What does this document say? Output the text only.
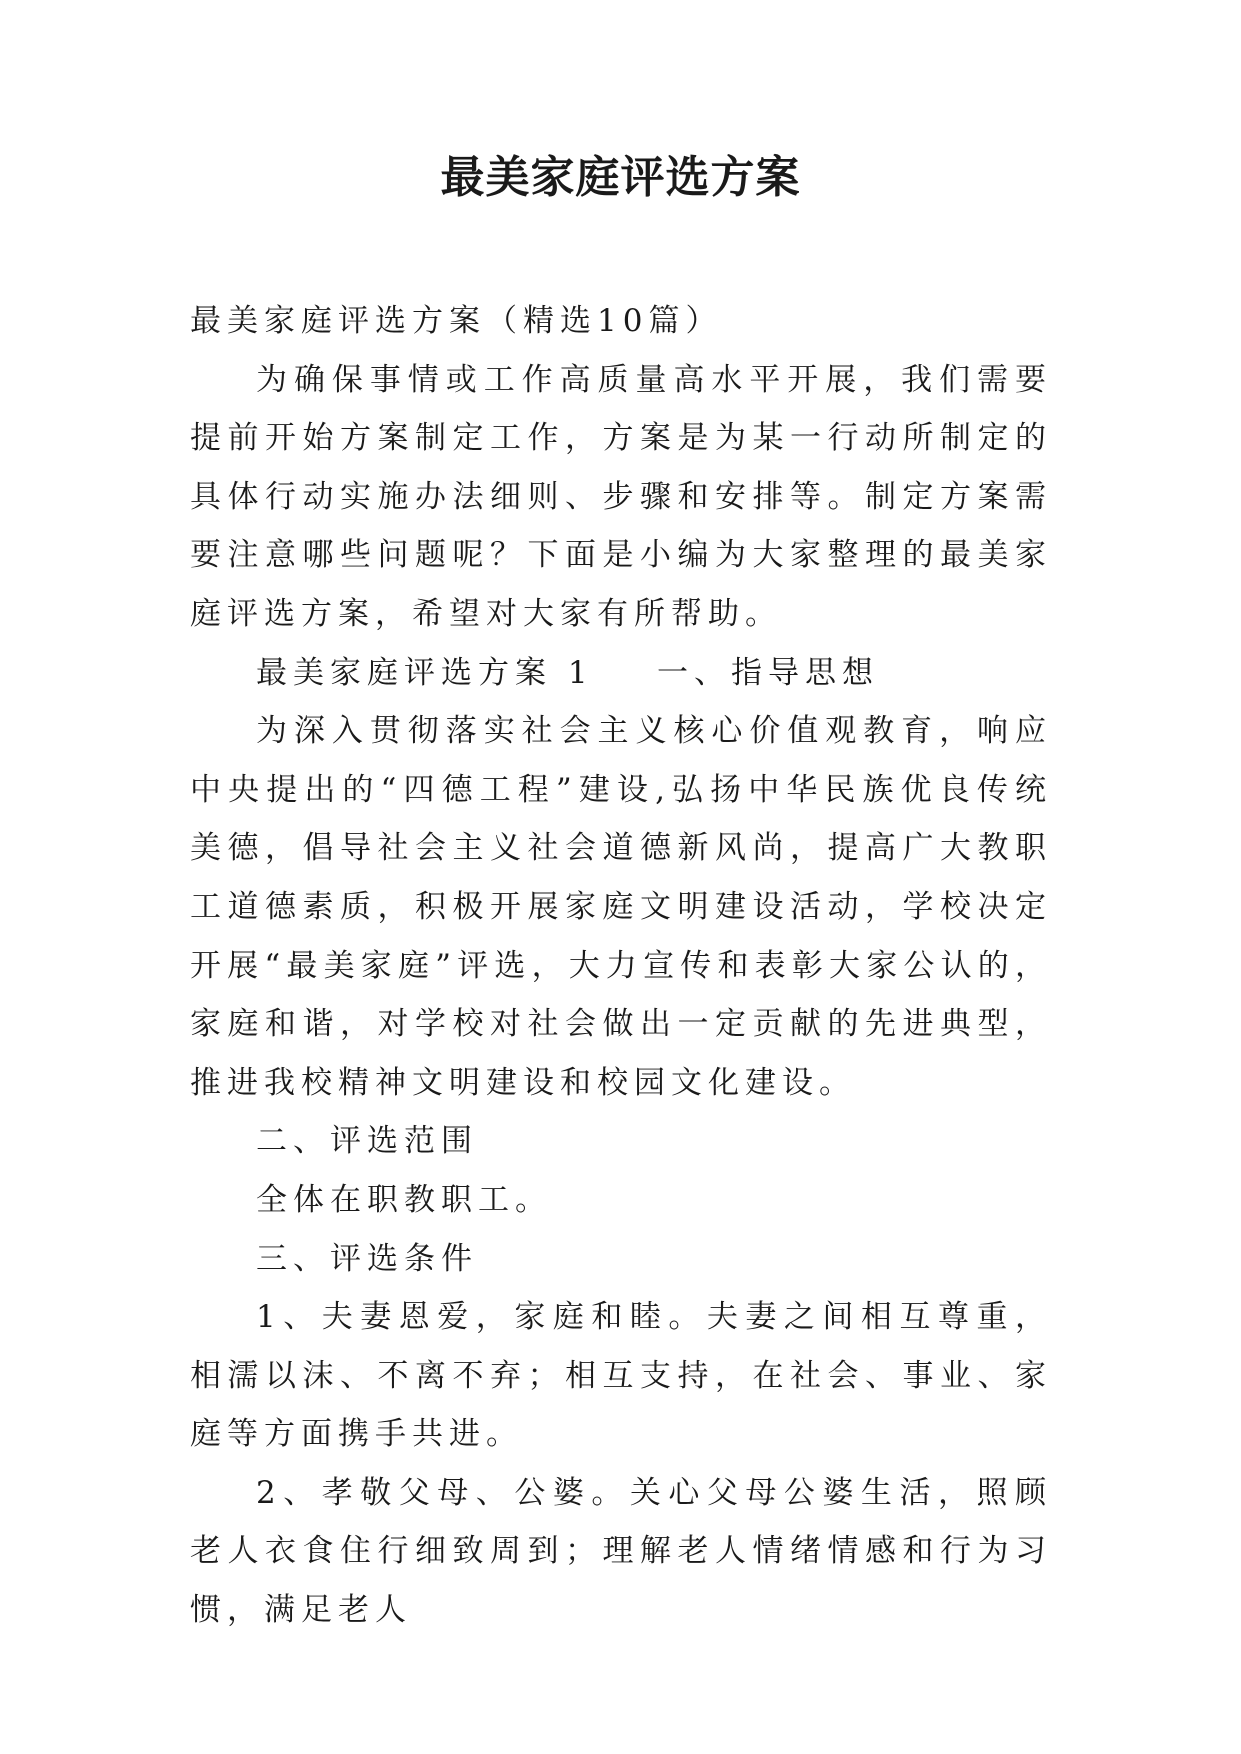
最美家庭评选方案

最美家庭评选方案（精选10篇）

为确保事情或工作高质量高水平开展，我们需要提前开始方案制定工作，方案是为某一行动所制定的具体行动实施办法细则、步骤和安排等。制定方案需要注意哪些问题呢？下面是小编为大家整理的最美家庭评选方案，希望对大家有所帮助。

最美家庭评选方案 1    一、指导思想

为深入贯彻落实社会主义核心价值观教育，响应中央提出的“四德工程”建设,弘扬中华民族优良传统美德，倡导社会主义社会道德新风尚，提高广大教职工道德素质，积极开展家庭文明建设活动，学校决定开展“最美家庭”评选，大力宣传和表彰大家公认的，家庭和谐，对学校对社会做出一定贡献的先进典型，推进我校精神文明建设和校园文化建设。

二、评选范围

全体在职教职工。

三、评选条件

1、夫妻恩爱，家庭和睦。夫妻之间相互尊重，相濡以沫、不离不弃；相互支持，在社会、事业、家庭等方面携手共进。

2、孝敬父母、公婆。关心父母公婆生活，照顾老人衣食住行细致周到；理解老人情绪情感和行为习惯，满足老人
